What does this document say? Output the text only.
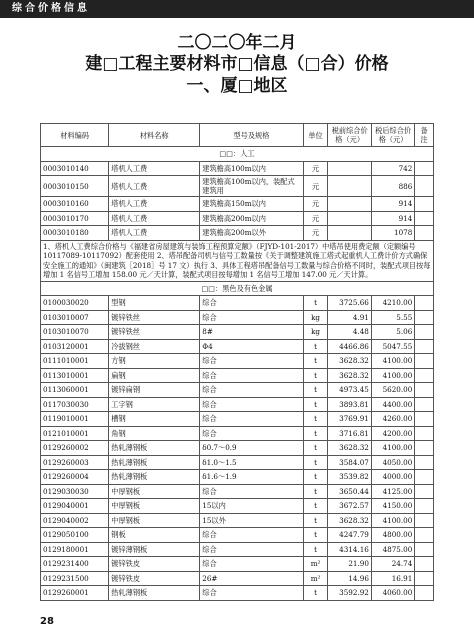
综合价格信息
二〇二〇年二月
建□工程主要材料市□信息（□合）价格
一、厦□地区
材料编码	材料名称	型号及规格	单位	税前综合价格（元）	税后综合价格（元）	备注
□□：人工						
0003010140	塔机人工费	建筑檐高100m以内	元		742	
0003010150	塔机人工费	建筑檐高100m以内，装配式建筑用	元		886	
0003010160	塔机人工费	建筑檐高150m以内	元		914	
0003010170	塔机人工费	建筑檐高200m以内	元		914	
0003010180	塔机人工费	建筑檐高200m以外	元		1078	
1、塔机人工费综合价格与《福建省房屋建筑与装饰工程预算定额》（FJYD-101-2017）中塔吊使用费定额（定额编号10117089-10117092）配套使用 2、塔吊配备司机与信号工数量按《关于调整建筑施工塔式起重机人工费计价方式确保安全施工的通知》（闽建筑［2018］号 17 文）执行 3、具体工程塔吊配备信号工数量与综合价格不同时，装配式项目按每增加 1 名信号工增加 158.00 元／天计算，装配式项目按每增加 1 名信号工增加 147.00 元／天计算。						
□□：黑色及有色金属						
0100030020	型钢	综合	t	3725.66	4210.00	
0103010007	镀锌铁丝	综合	kg	4.91	5.55	
0103010070	镀锌铁丝	8#	kg	4.48	5.06	
0103120001	冷拔钢丝	Φ4	t	4466.86	5047.55	
0111010001	方钢	综合	t	3628.32	4100.00	
0113010001	扁钢	综合	t	3628.32	4100.00	
0113060001	镀锌扁钢	综合	t	4973.45	5620.00	
0117030030	工字钢	综合	t	3893.81	4400.00	
0119010001	槽钢	综合	t	3769.91	4260.00	
0121010001	角钢	综合	t	3716.81	4200.00	
0129260002	热轧薄钢板	δ0.7～0.9	t	3628.32	4100.00	
0129260003	热轧薄钢板	δ1.0～1.5	t	3584.07	4050.00	
0129260004	热轧薄钢板	δ1.6～1.9	t	3539.82	4000.00	
0129030030	中厚钢板	综合	t	3650.44	4125.00	
0129040001	中厚钢板	15以内	t	3672.57	4150.00	
0129040002	中厚钢板	15以外	t	3628.32	4100.00	
0129050100	钢板	综合	t	4247.79	4800.00	
0129180001	镀锌薄钢板	综合	t	4314.16	4875.00	
0129231400	镀锌铁皮	综合	m²	21.90	24.74	
0129231500	镀锌铁皮	26#	m²	14.96	16.91	
0129260001	热轧薄钢板	综合	t	3592.92	4060.00	
28
